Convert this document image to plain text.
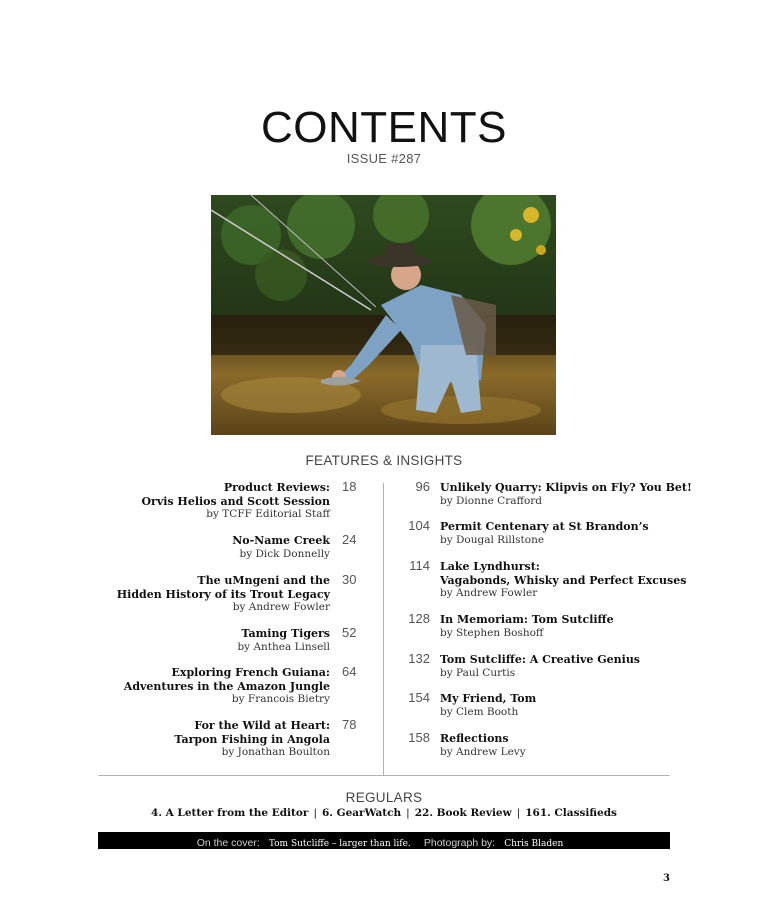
CONTENTS
ISSUE #287
FEATURES & INSIGHTS
Product Reviews:
Orvis Helios and Scott Session
by TCFF Editorial Staff
18
No-Name Creek
by Dick Donnelly
24
The uMngeni and the
Hidden History of its Trout Legacy
by Andrew Fowler
30
Taming Tigers
by Anthea Linsell
52
Exploring French Guiana:
Adventures in the Amazon Jungle
by Francois Bietry
64
For the Wild at Heart:
Tarpon Fishing in Angola
by Jonathan Boulton
78
96 Unlikely Quarry: Klipvis on Fly? You Bet!
by Dionne Crafford
104 Permit Centenary at St Brandon’s
by Dougal Rillstone
114 Lake Lyndhurst:
Vagabonds, Whisky and Perfect Excuses
by Andrew Fowler
128 In Memoriam: Tom Sutcliffe
by Stephen Boshoff
132 Tom Sutcliffe: A Creative Genius
by Paul Curtis
154 My Friend, Tom
by Clem Booth
158 Reflections
by Andrew Levy
REGULARS
4. A Letter from the Editor | 6. GearWatch | 22. Book Review | 161. Classifieds
On the cover: Tom Sutcliffe – larger than life. Photograph by: Chris Bladen
3
